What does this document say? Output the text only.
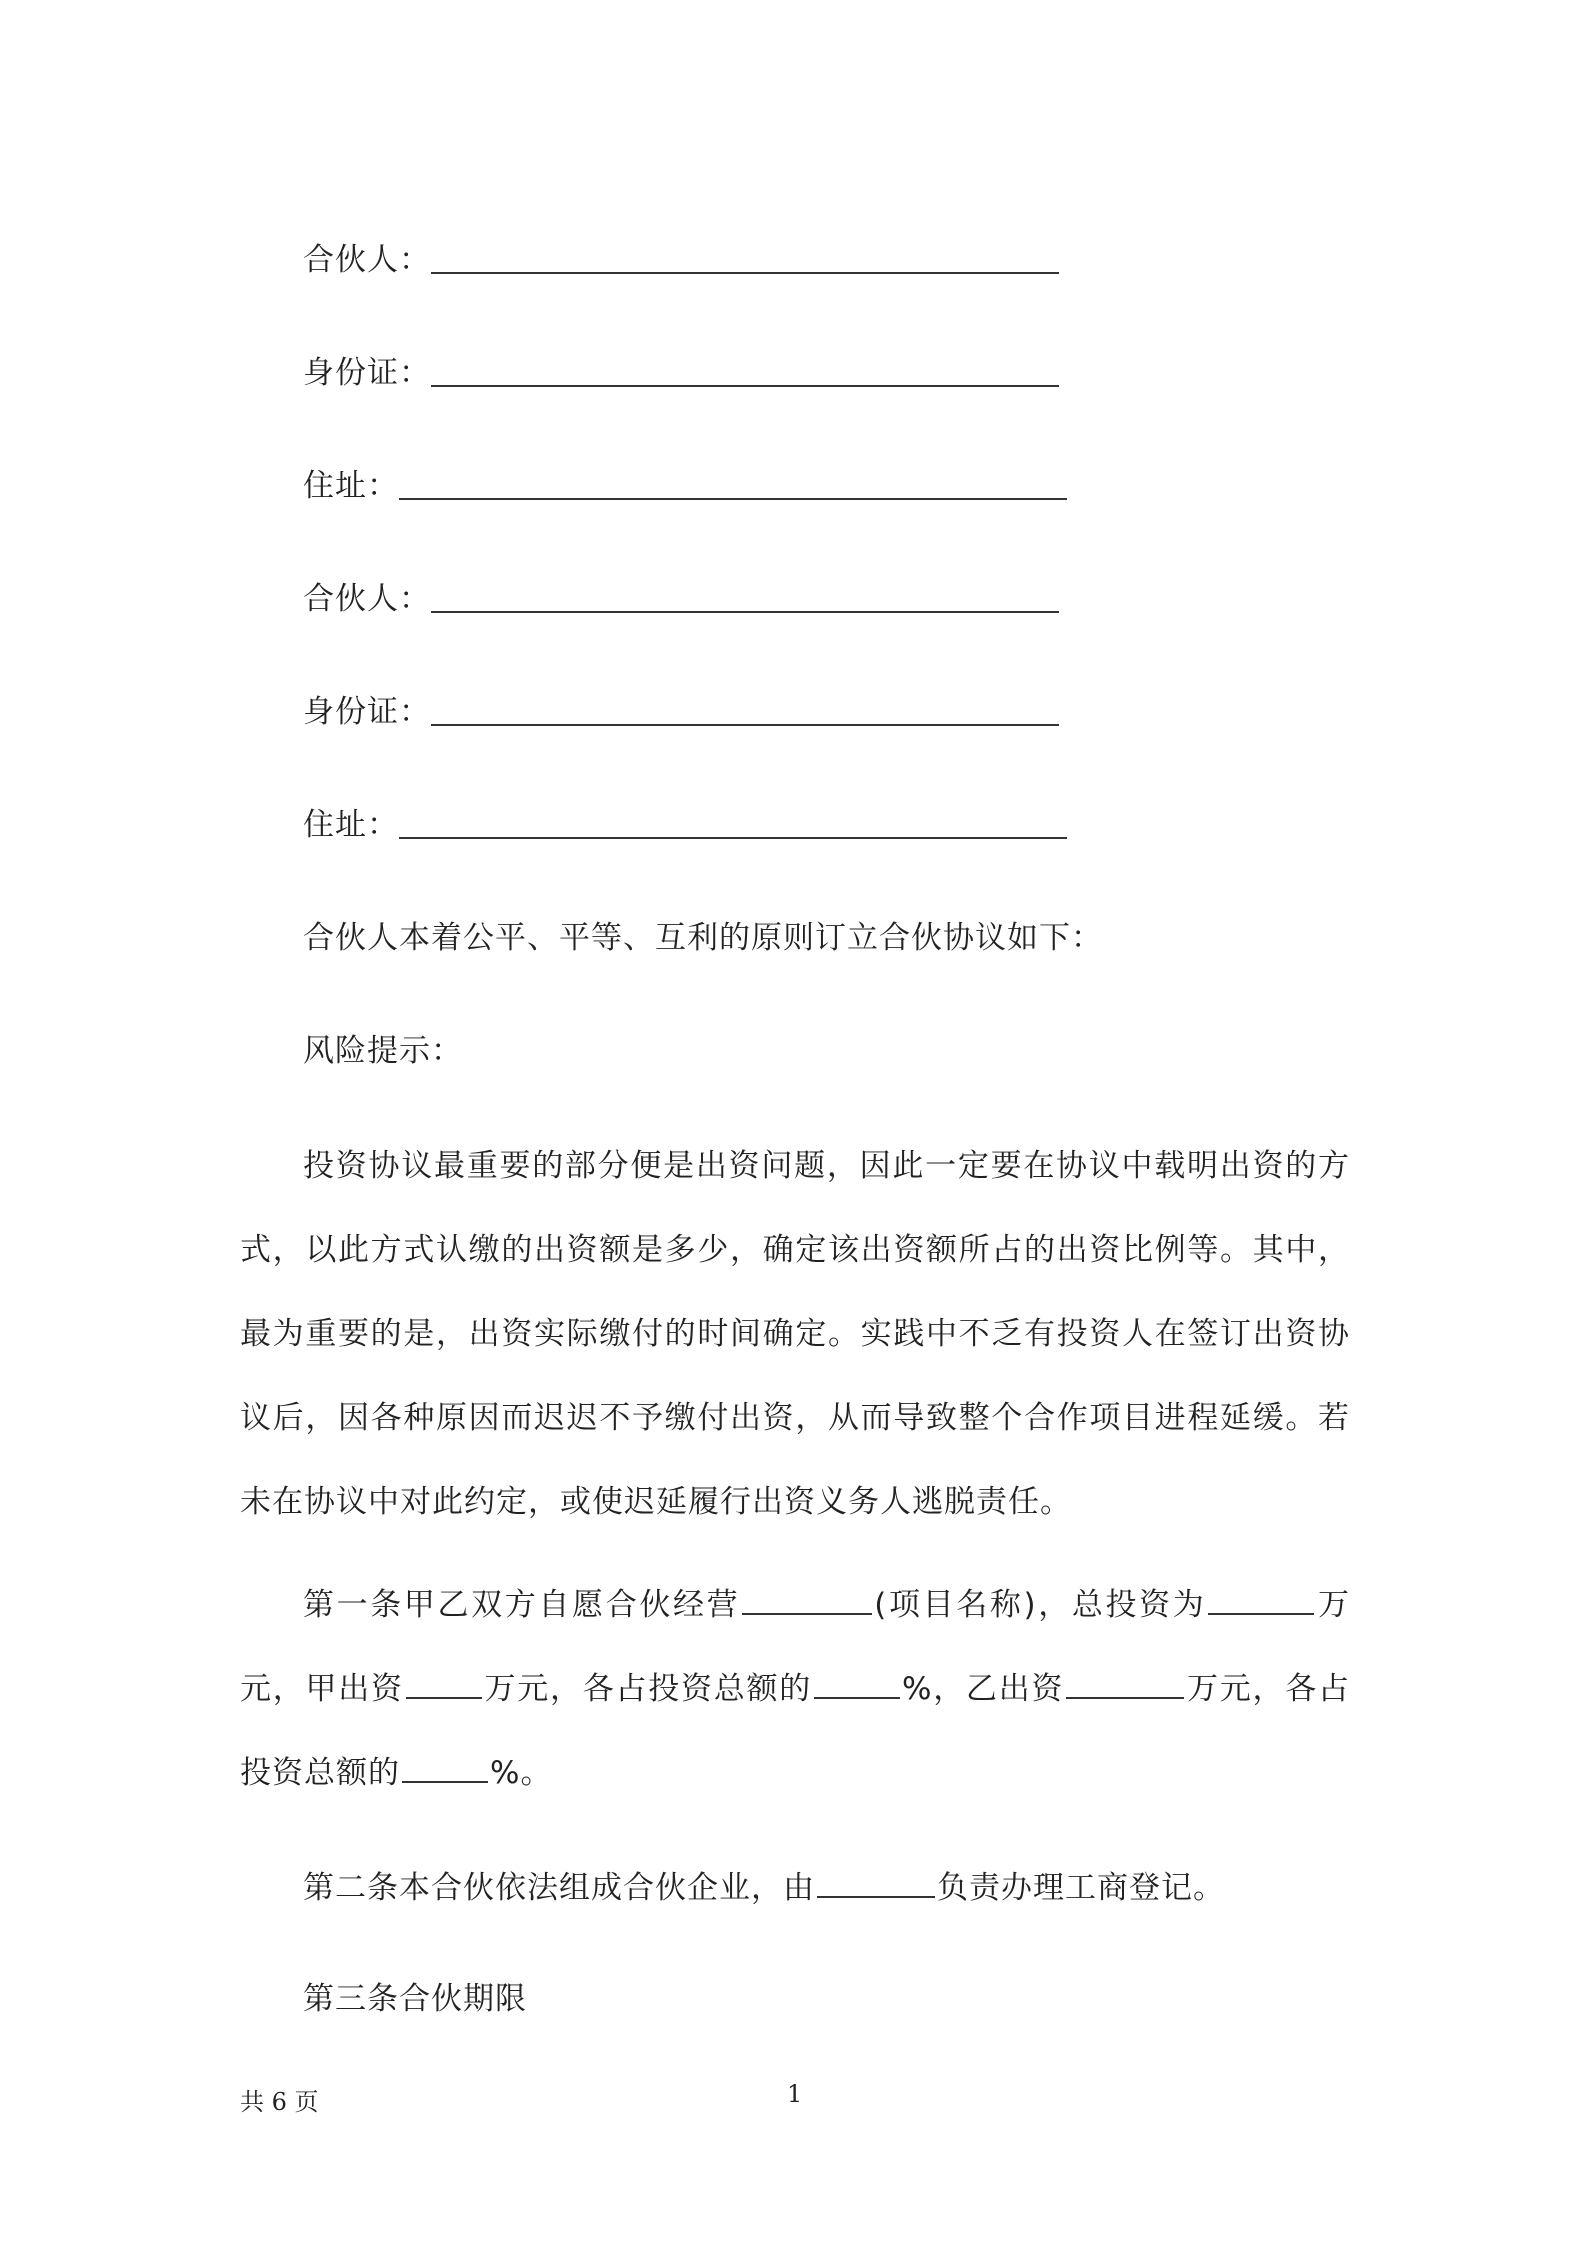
合伙人：
身份证：
住址：
合伙人：
身份证：
住址：
合伙人本着公平、平等、互利的原则订立合伙协议如下：
风险提示：
投资协议最重要的部分便是出资问题，因此一定要在协议中载明出资的方式，以此方式认缴的出资额是多少，确定该出资额所占的出资比例等。其中，最为重要的是，出资实际缴付的时间确定。实践中不乏有投资人在签订出资协议后，因各种原因而迟迟不予缴付出资，从而导致整个合作项目进程延缓。若未在协议中对此约定，或使迟延履行出资义务人逃脱责任。
第一条甲乙双方自愿合伙经营	(项目名称)，总投资为	万元，甲出资	万元，各占投资总额的	%，乙出资	万元，各占投资总额的	%。
第二条本合伙依法组成合伙企业，由	负责办理工商登记。
第三条合伙期限
共 6 页	1
